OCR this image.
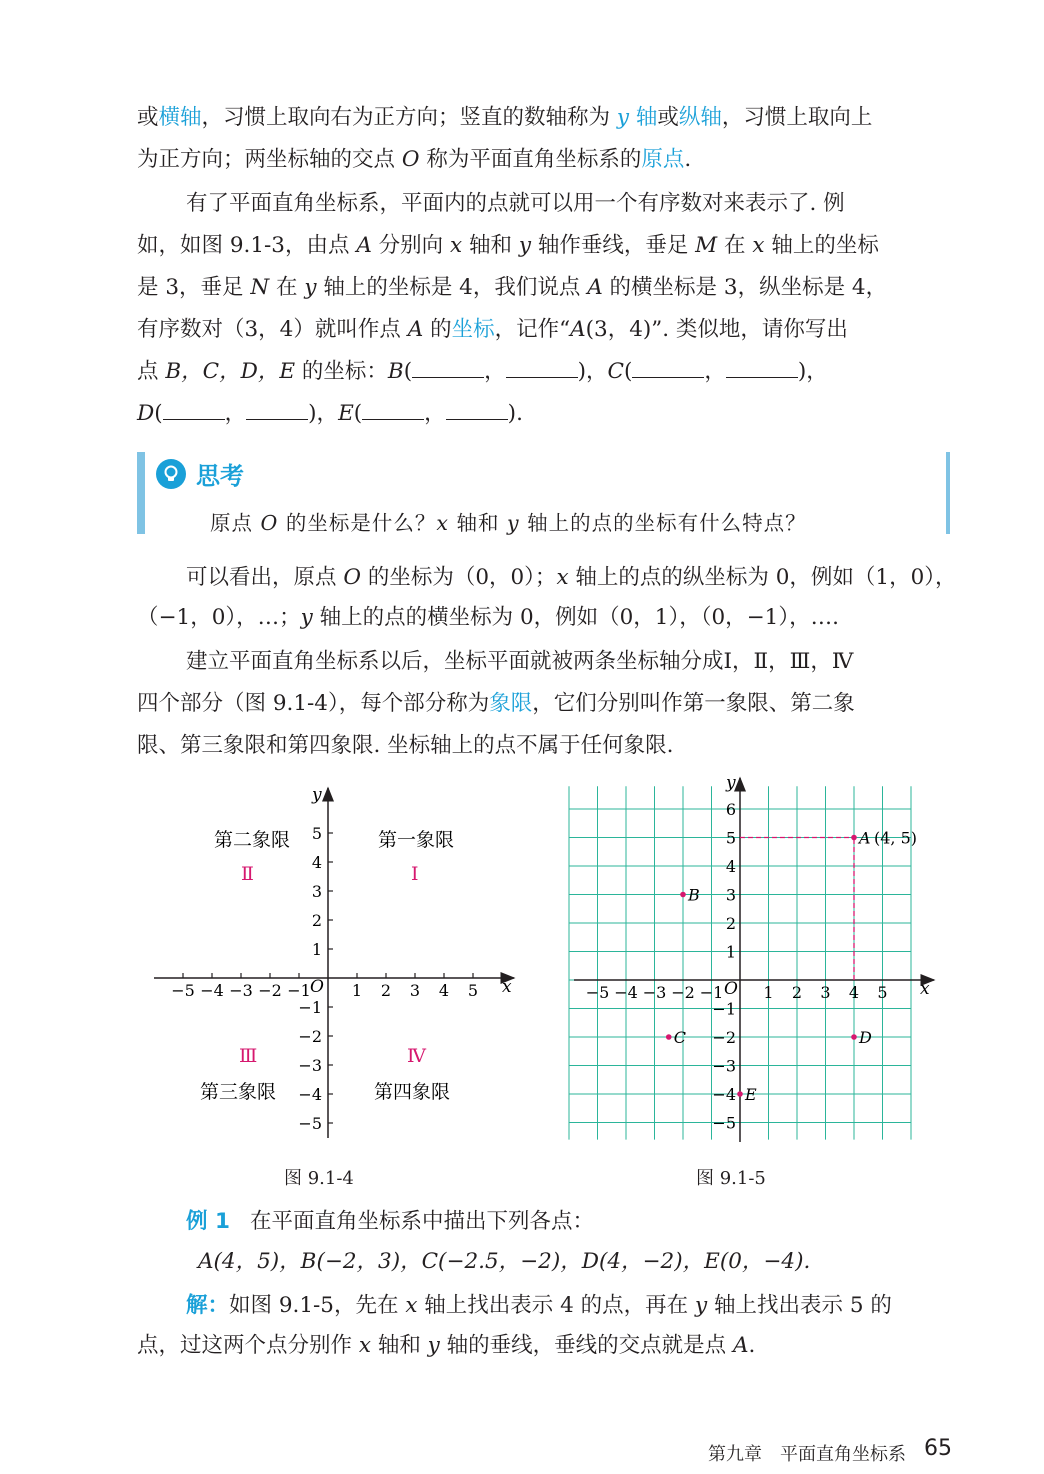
或横轴，习惯上取向右为正方向；竖直的数轴称为 y 轴或纵轴，习惯上取向上
为正方向；两坐标轴的交点 O 称为平面直角坐标系的原点.
有了平面直角坐标系，平面内的点就可以用一个有序数对来表示了. 例
如，如图 9.1-3，由点 A 分别向 x 轴和 y 轴作垂线，垂足 M 在 x 轴上的坐标
是 3，垂足 N 在 y 轴上的坐标是 4，我们说点 A 的横坐标是 3，纵坐标是 4，
有序数对（3，4）就叫作点 A 的坐标，记作“A(3，4)”. 类似地，请你写出
点 B，C，D，E 的坐标：B(	，	)，C(	，	)，
D(	，	)，E(	，	).
思考
原点 O 的坐标是什么？x 轴和 y 轴上的点的坐标有什么特点？
可以看出，原点 O 的坐标为（0，0）；x 轴上的点的纵坐标为 0，例如（1，0），
（−1，0），…；y 轴上的点的横坐标为 0，例如（0，1），（0，−1），….
建立平面直角坐标系以后，坐标平面就被两条坐标轴分成Ⅰ，Ⅱ，Ⅲ，Ⅳ
四个部分（图 9.1-4），每个部分称为象限，它们分别叫作第一象限、第二象
限、第三象限和第四象限. 坐标轴上的点不属于任何象限.
x
y
O
−5 −4 −3 −2 −1	1 2 3 4 5
5
4
3
2
1
−1
−2
−3
−4
−5
第二象限	第一象限
第三象限	第四象限
Ⅱ	Ⅰ
Ⅲ	Ⅳ
图 9.1-4
x
y
O
−5 −4 −3 −2 −1	1 2 3 4 5
6
5
4
3
2
1
−1
−2
−3
−4
−5
A
B
C	D
E
(4, 5)
图 9.1-5
例 1 在平面直角坐标系中描出下列各点：
A(4，5)，B(−2，3)，C(−2.5，−2)，D(4，−2)，E(0，−4).
解：如图 9.1-5，先在 x 轴上找出表示 4 的点，再在 y 轴上找出表示 5 的
点，过这两个点分别作 x 轴和 y 轴的垂线，垂线的交点就是点 A.
第九章　平面直角坐标系 65
